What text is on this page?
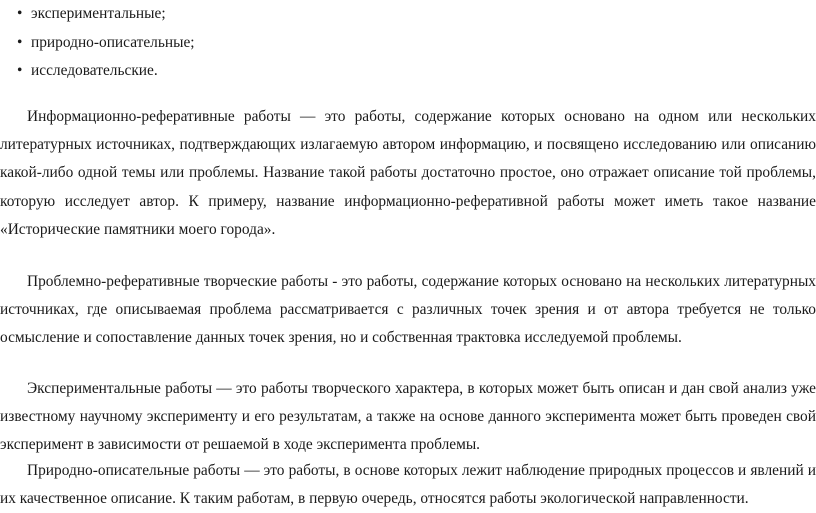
• экспериментальные;
• природно-описательные;
• исследовательские.

Информационно-реферативные работы — это работы, содержание которых основано на одном или нескольких литературных источниках, подтверждающих излагаемую автором информацию, и посвящено исследованию или описанию какой-либо одной темы или проблемы. Название такой работы достаточно простое, оно отражает описание той проблемы, которую исследует автор. К примеру, название информационно-реферативной работы может иметь такое название «Исторические памятники моего города».

Проблемно-реферативные творческие работы - это работы, содержание которых основано на нескольких литературных источниках, где описываемая проблема рассматривается с различных точек зрения и от автора требуется не только осмысление и сопоставление данных точек зрения, но и собственная трактовка исследуемой проблемы.

Экспериментальные работы — это работы творческого характера, в которых может быть описан и дан свой анализ уже известному научному эксперименту и его результатам, а также на основе данного эксперимента может быть проведен свой эксперимент в зависимости от решаемой в ходе эксперимента проблемы.

Природно-описательные работы — это работы, в основе которых лежит наблюдение природных процессов и явлений и их качественное описание. К таким работам, в первую очередь, относятся работы экологической направленности.
